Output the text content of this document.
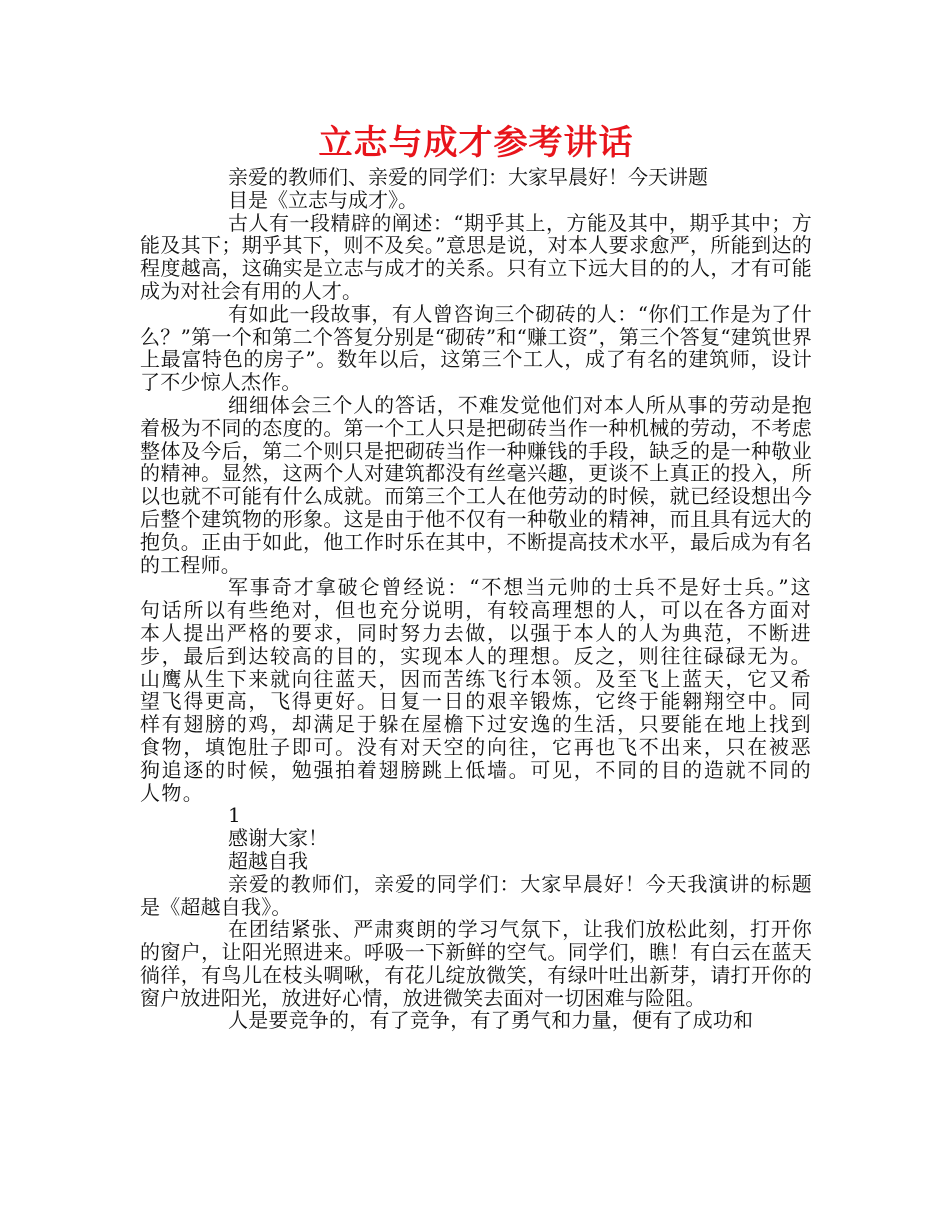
立志与成才参考讲话

亲爱的教师们、亲爱的同学们：大家早晨好！今天讲题

目是《立志与成才》。

古人有一段精辟的阐述：“期乎其上，方能及其中，期乎其中；方能及其下；期乎其下，则不及矣。”意思是说，对本人要求愈严，所能到达的程度越高，这确实是立志与成才的关系。只有立下远大目的的人，才有可能成为对社会有用的人才。

有如此一段故事，有人曾咨询三个砌砖的人：“你们工作是为了什么？”第一个和第二个答复分别是“砌砖”和“赚工资”，第三个答复“建筑世界上最富特色的房子”。数年以后，这第三个工人，成了有名的建筑师，设计了不少惊人杰作。

细细体会三个人的答话，不难发觉他们对本人所从事的劳动是抱着极为不同的态度的。第一个工人只是把砌砖当作一种机械的劳动，不考虑整体及今后，第二个则只是把砌砖当作一种赚钱的手段，缺乏的是一种敬业的精神。显然，这两个人对建筑都没有丝毫兴趣，更谈不上真正的投入，所以也就不可能有什么成就。而第三个工人在他劳动的时候，就已经设想出今后整个建筑物的形象。这是由于他不仅有一种敬业的精神，而且具有远大的抱负。正由于如此，他工作时乐在其中，不断提高技术水平，最后成为有名的工程师。

军事奇才拿破仑曾经说：“不想当元帅的士兵不是好士兵。”这句话所以有些绝对，但也充分说明，有较高理想的人，可以在各方面对本人提出严格的要求，同时努力去做，以强于本人的人为典范，不断进步，最后到达较高的目的，实现本人的理想。反之，则往往碌碌无为。山鹰从生下来就向往蓝天，因而苦练飞行本领。及至飞上蓝天，它又希望飞得更高，飞得更好。日复一日的艰辛锻炼，它终于能翱翔空中。同样有翅膀的鸡，却满足于躲在屋檐下过安逸的生活，只要能在地上找到食物，填饱肚子即可。没有对天空的向往，它再也飞不出来，只在被恶狗追逐的时候，勉强拍着翅膀跳上低墙。可见，不同的目的造就不同的人物。

1

感谢大家！

超越自我

亲爱的教师们，亲爱的同学们：大家早晨好！今天我演讲的标题是《超越自我》。

在团结紧张、严肃爽朗的学习气氛下，让我们放松此刻，打开你的窗户，让阳光照进来。呼吸一下新鲜的空气。同学们，瞧！有白云在蓝天徜徉，有鸟儿在枝头啁啾，有花儿绽放微笑，有绿叶吐出新芽，请打开你的窗户放进阳光，放进好心情，放进微笑去面对一切困难与险阻。

人是要竞争的，有了竞争，有了勇气和力量，便有了成功和
